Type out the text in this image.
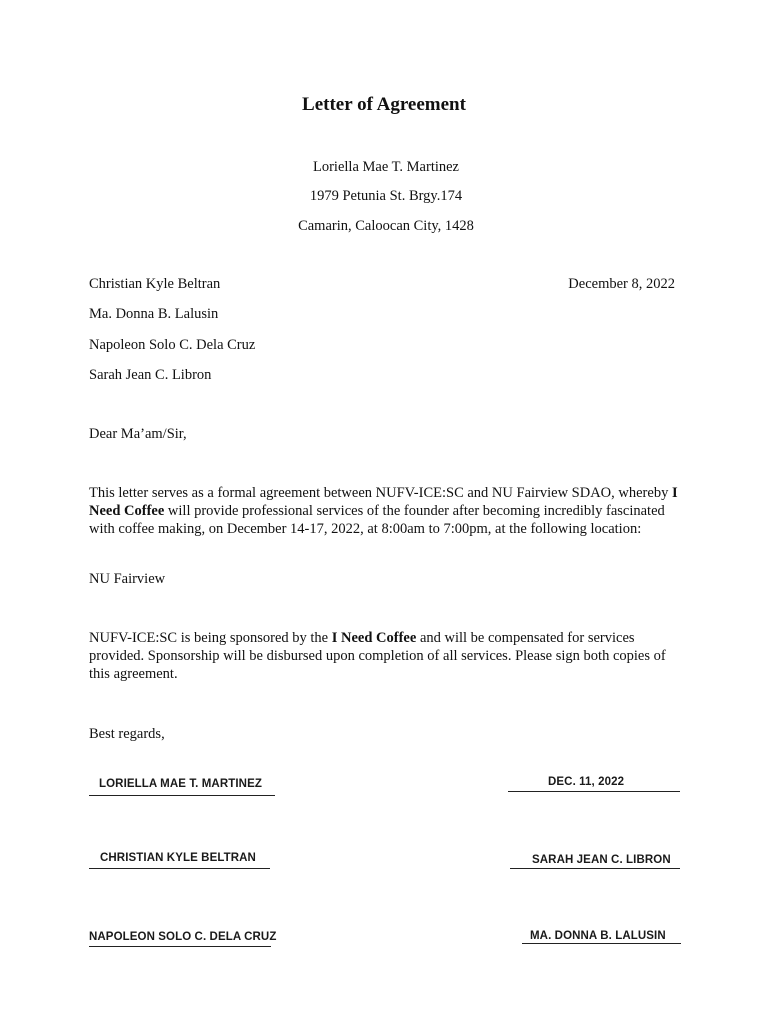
Letter of Agreement
Loriella Mae T. Martinez
1979 Petunia St. Brgy.174
Camarin, Caloocan City, 1428
Christian Kyle Beltran	December 8, 2022
Ma. Donna B. Lalusin
Napoleon Solo C. Dela Cruz
Sarah Jean C. Libron
Dear Ma’am/Sir,
This letter serves as a formal agreement between NUFV-ICE:SC and NU Fairview SDAO, whereby I Need Coffee will provide professional services of the founder after becoming incredibly fascinated with coffee making, on December 14-17, 2022, at 8:00am to 7:00pm, at the following location:
NU Fairview
NUFV-ICE:SC is being sponsored by the I Need Coffee and will be compensated for services provided. Sponsorship will be disbursed upon completion of all services. Please sign both copies of this agreement.
Best regards,
LORIELLA MAE T. MARTINEZ	DEC. 11, 2022
CHRISTIAN KYLE BELTRAN	SARAH JEAN C. LIBRON
NAPOLEON SOLO C. DELA CRUZ	MA. DONNA B. LALUSIN
